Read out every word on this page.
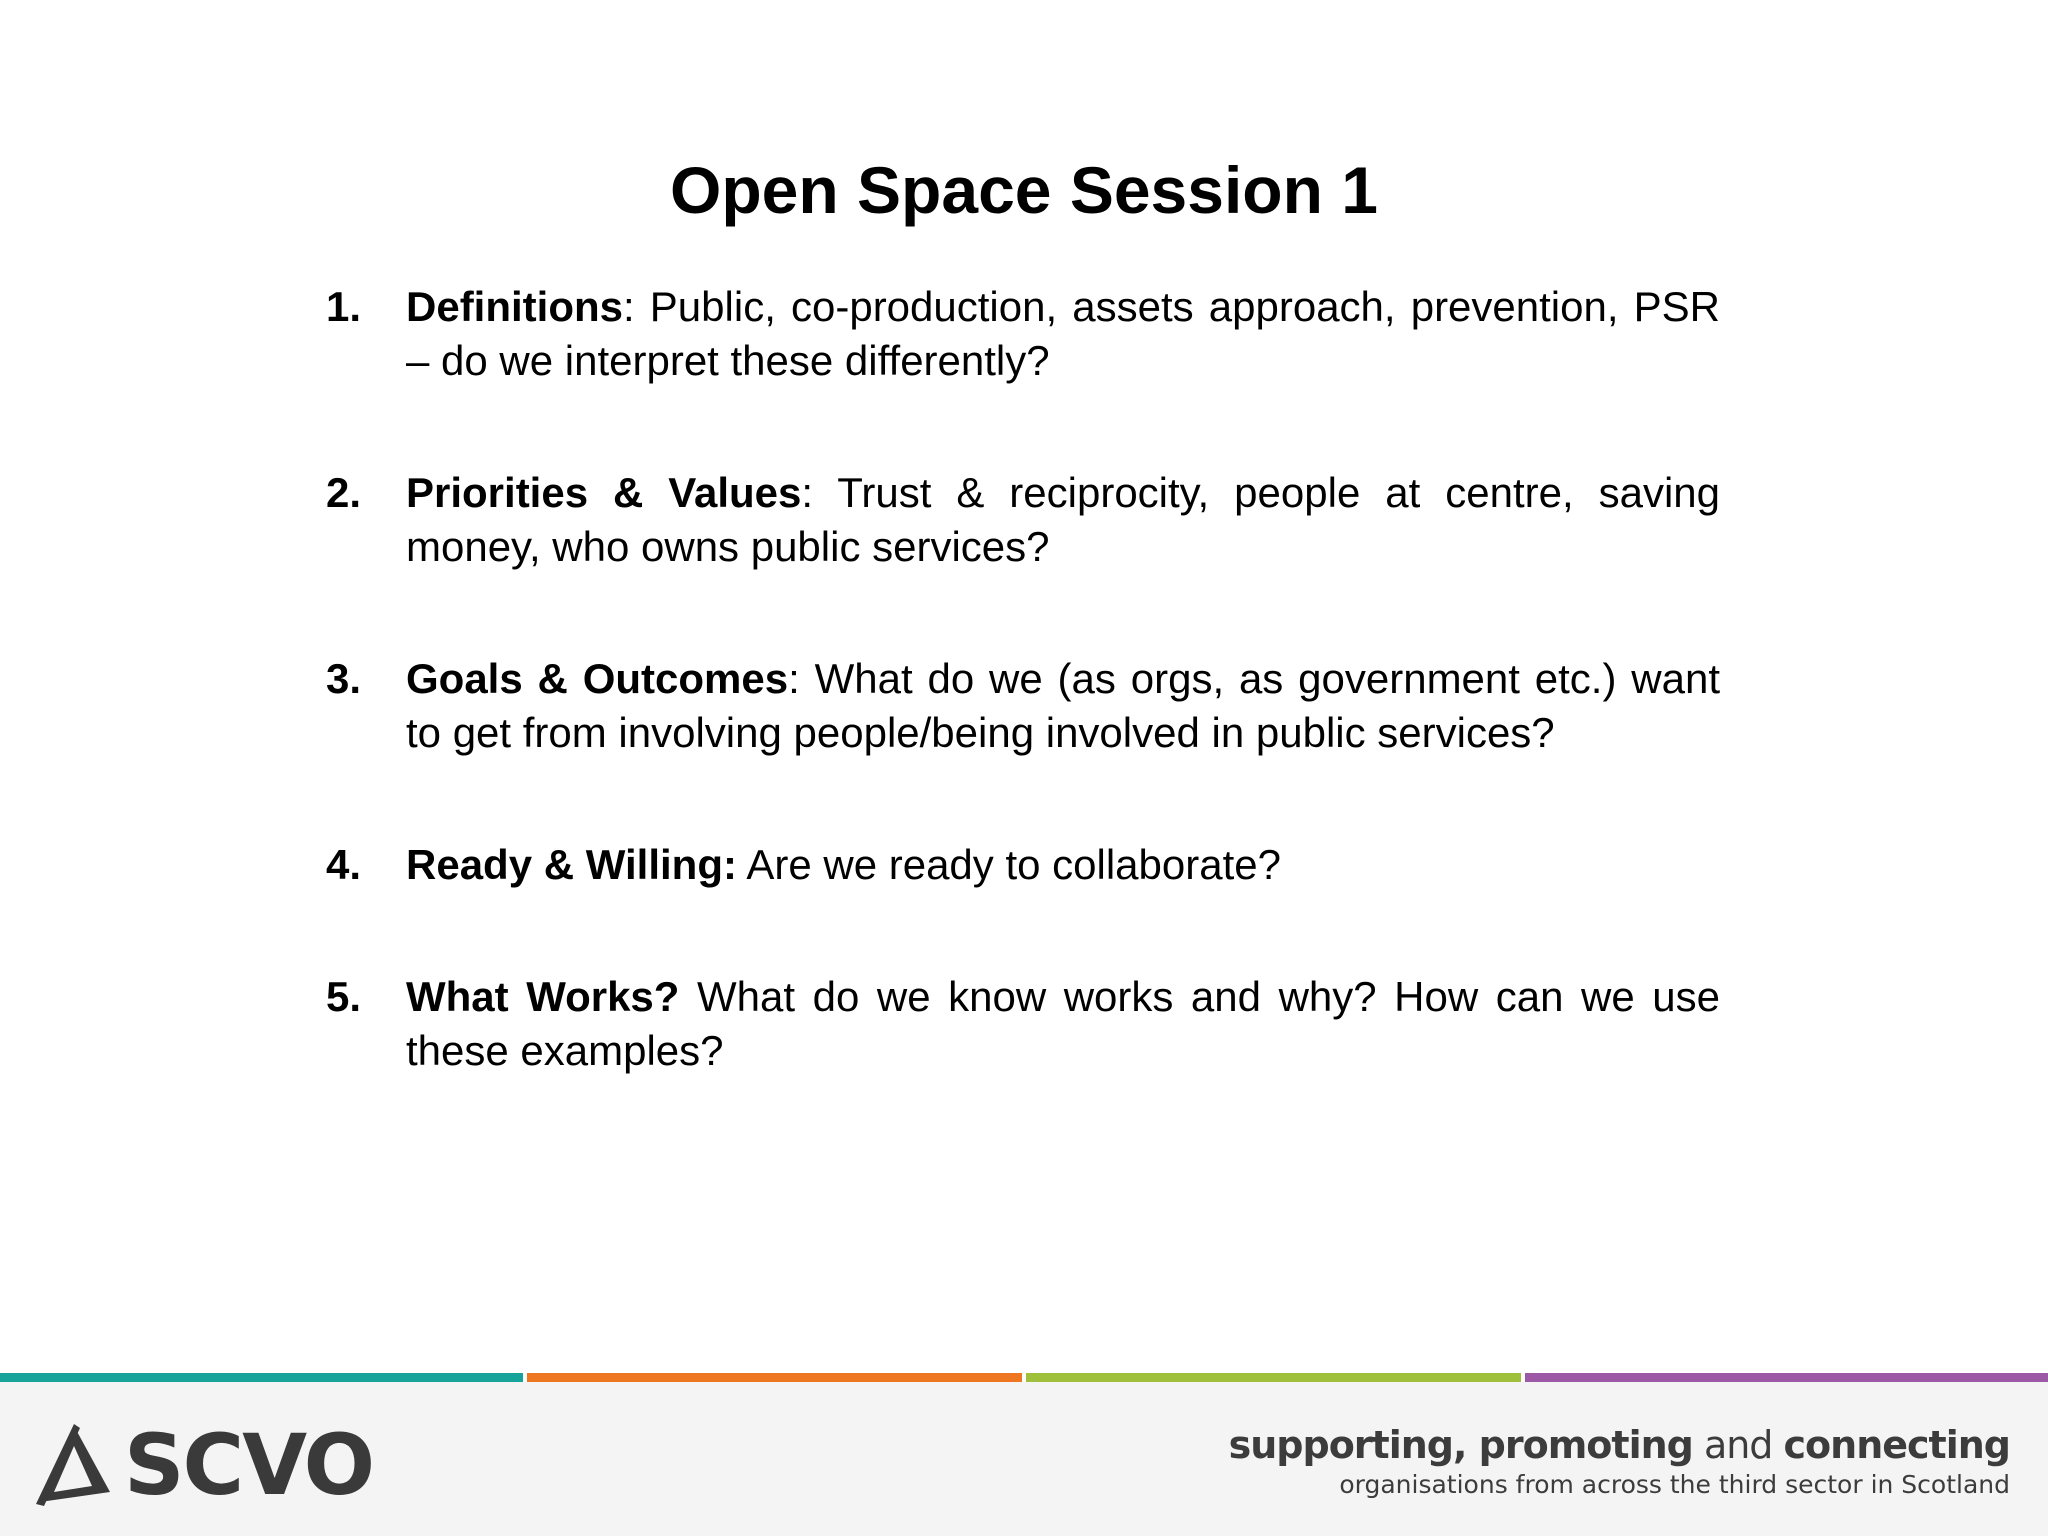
Open Space Session 1
1. Definitions: Public, co-production, assets approach, prevention, PSR – do we interpret these differently?
2. Priorities & Values: Trust & reciprocity, people at centre, saving money, who owns public services?
3. Goals & Outcomes: What do we (as orgs, as government etc.) want to get from involving people/being involved in public services?
4. Ready & Willing: Are we ready to collaborate?
5. What Works? What do we know works and why? How can we use these examples?
SCVO	supporting, promoting and connecting
organisations from across the third sector in Scotland
